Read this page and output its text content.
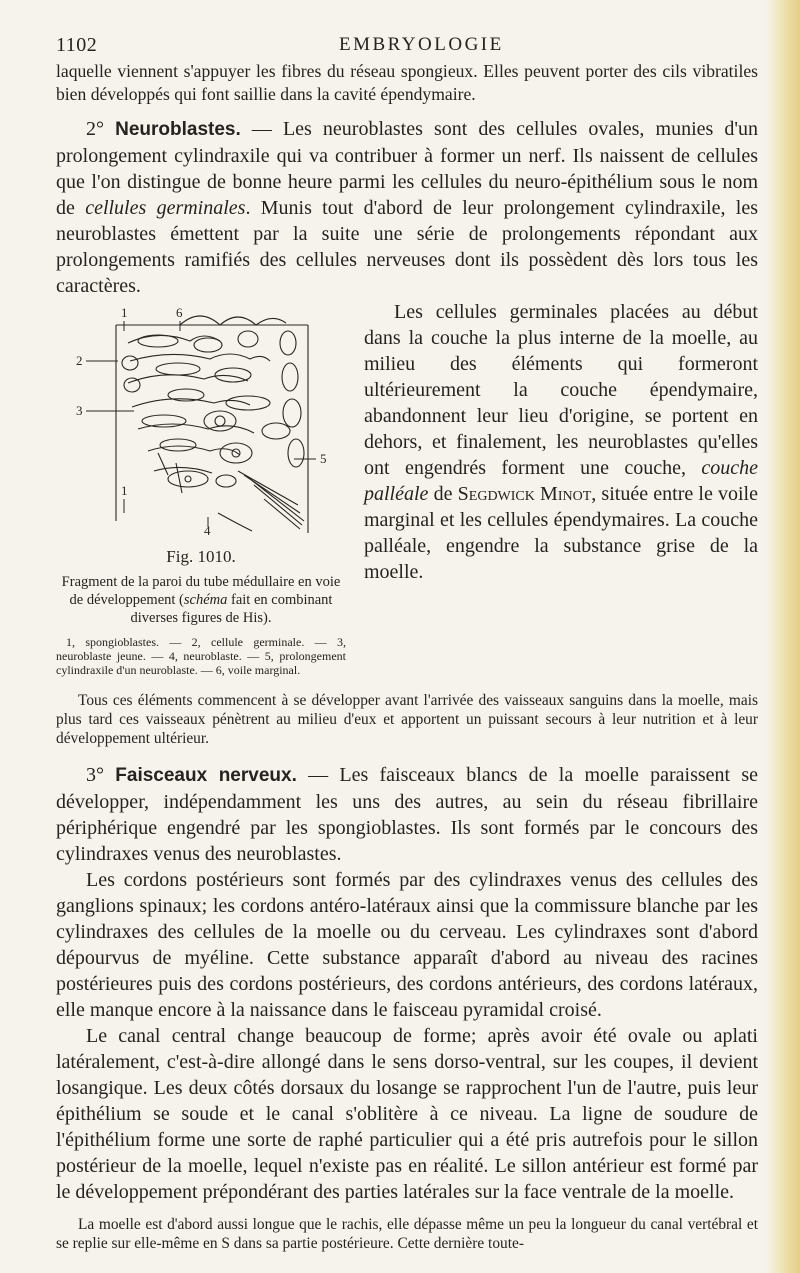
1102	EMBRYOLOGIE

laquelle viennent s'appuyer les fibres du réseau spongieux. Elles peuvent porter des cils vibratiles bien développés qui font saillie dans la cavité épendymaire.

2° Neuroblastes. — Les neuroblastes sont des cellules ovales, munies d'un prolongement cylindraxile qui va contribuer à former un nerf. Ils naissent de cellules que l'on distingue de bonne heure parmi les cellules du neuro-épithélium sous le nom de cellules germinales. Munis tout d'abord de leur prolongement cylindraxile, les neuroblastes émettent par la suite une série de prolongements répondant aux prolongements ramifiés des cellules nerveuses dont ils possèdent dès lors tous les caractères.

1	6
2
3
5
1
4
Fig. 1010.

Fragment de la paroi du tube médullaire en voie de développement (schéma fait en combinant diverses figures de His).

1, spongioblastes. — 2, cellule germinale. — 3, neuroblaste jeune. — 4, neuroblaste. — 5, prolongement cylindraxile d'un neuroblaste. — 6, voile marginal.

Les cellules germinales placées au début dans la couche la plus interne de la moelle, au milieu des éléments qui formeront ultérieurement la couche épendymaire, abandonnent leur lieu d'origine, se portent en dehors, et finalement, les neuroblastes qu'elles ont engendrés forment une couche, couche palléale de Segdwick Minot, située entre le voile marginal et les cellules épendymaires. La couche palléale, engendre la substance grise de la moelle.

Tous ces éléments commencent à se développer avant l'arrivée des vaisseaux sanguins dans la moelle, mais plus tard ces vaisseaux pénètrent au milieu d'eux et apportent un puissant secours à leur nutrition et à leur développement ultérieur.

3° Faisceaux nerveux. — Les faisceaux blancs de la moelle paraissent se développer, indépendamment les uns des autres, au sein du réseau fibrillaire périphérique engendré par les spongioblastes. Ils sont formés par le concours des cylindraxes venus des neuroblastes.

Les cordons postérieurs sont formés par des cylindraxes venus des cellules des ganglions spinaux; les cordons antéro-latéraux ainsi que la commissure blanche par les cylindraxes des cellules de la moelle ou du cerveau. Les cylindraxes sont d'abord dépourvus de myéline. Cette substance apparaît d'abord au niveau des racines postérieures puis des cordons postérieurs, des cordons antérieurs, des cordons latéraux, elle manque encore à la naissance dans le faisceau pyramidal croisé.

Le canal central change beaucoup de forme; après avoir été ovale ou aplati latéralement, c'est-à-dire allongé dans le sens dorso-ventral, sur les coupes, il devient losangique. Les deux côtés dorsaux du losange se rapprochent l'un de l'autre, puis leur épithélium se soude et le canal s'oblitère à ce niveau. La ligne de soudure de l'épithélium forme une sorte de raphé particulier qui a été pris autrefois pour le sillon postérieur de la moelle, lequel n'existe pas en réalité. Le sillon antérieur est formé par le développement prépondérant des parties latérales sur la face ventrale de la moelle.

La moelle est d'abord aussi longue que le rachis, elle dépasse même un peu la longueur du canal vertébral et se replie sur elle-même en S dans sa partie postérieure. Cette dernière toute-
